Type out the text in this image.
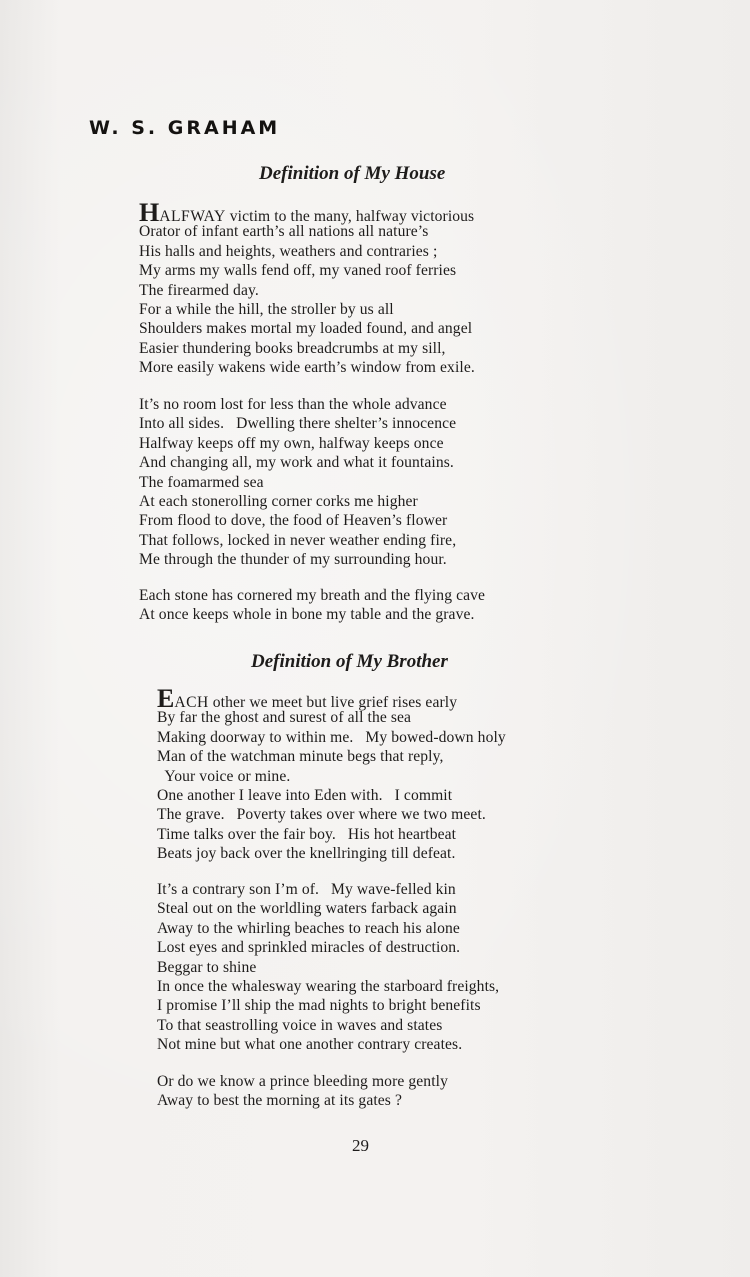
W. S. GRAHAM
Definition of My House
HALFWAY victim to the many, halfway victorious
Orator of infant earth’s all nations all nature’s
His halls and heights, weathers and contraries ;
My arms my walls fend off, my vaned roof ferries
The firearmed day.
For a while the hill, the stroller by us all
Shoulders makes mortal my loaded found, and angel
Easier thundering books breadcrumbs at my sill,
More easily wakens wide earth’s window from exile.
It’s no room lost for less than the whole advance
Into all sides.   Dwelling there shelter’s innocence
Halfway keeps off my own, halfway keeps once
And changing all, my work and what it fountains.
The foamarmed sea
At each stonerolling corner corks me higher
From flood to dove, the food of Heaven’s flower
That follows, locked in never weather ending fire,
Me through the thunder of my surrounding hour.
Each stone has cornered my breath and the flying cave
At once keeps whole in bone my table and the grave.
Definition of My Brother
EACH other we meet but live grief rises early
By far the ghost and surest of all the sea
Making doorway to within me.   My bowed-down holy
Man of the watchman minute begs that reply,
Your voice or mine.
One another I leave into Eden with.   I commit
The grave.   Poverty takes over where we two meet.
Time talks over the fair boy.   His hot heartbeat
Beats joy back over the knellringing till defeat.
It’s a contrary son I’m of.   My wave-felled kin
Steal out on the worldling waters farback again
Away to the whirling beaches to reach his alone
Lost eyes and sprinkled miracles of destruction.
Beggar to shine
In once the whalesway wearing the starboard freights,
I promise I’ll ship the mad nights to bright benefits
To that seastrolling voice in waves and states
Not mine but what one another contrary creates.
Or do we know a prince bleeding more gently
Away to best the morning at its gates ?

29
